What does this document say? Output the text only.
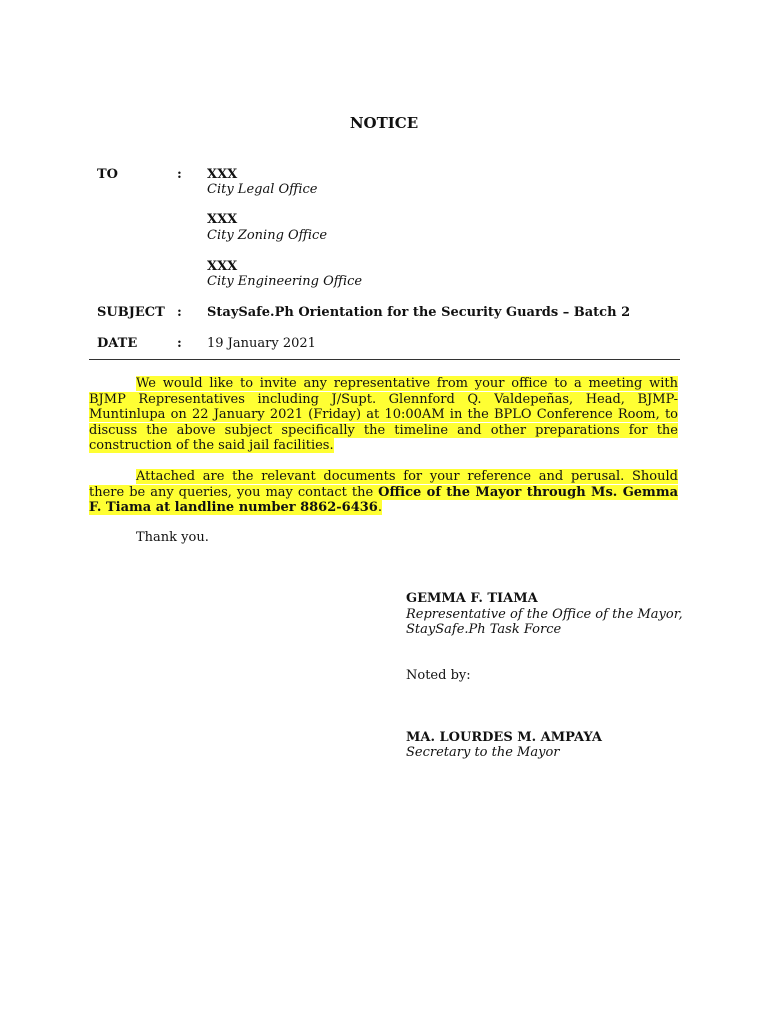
NOTICE
TO	: XXX
City Legal Office
XXX
City Zoning Office
XXX
City Engineering Office
SUBJECT : StaySafe.Ph Orientation for the Security Guards – Batch 2
DATE	: 19 January 2021
We would like to invite any representative from your office to a meeting with BJMP Representatives including J/Supt. Glennford Q. Valdepeñas, Head, BJMP-Muntinlupa on 22 January 2021 (Friday) at 10:00AM in the BPLO Conference Room, to discuss the above subject specifically the timeline and other preparations for the construction of the said jail facilities.
Attached are the relevant documents for your reference and perusal. Should there be any queries, you may contact the Office of the Mayor through Ms. Gemma F. Tiama at landline number 8862-6436.
Thank you.
GEMMA F. TIAMA
Representative of the Office of the Mayor,
StaySafe.Ph Task Force
Noted by:
MA. LOURDES M. AMPAYA
Secretary to the Mayor
